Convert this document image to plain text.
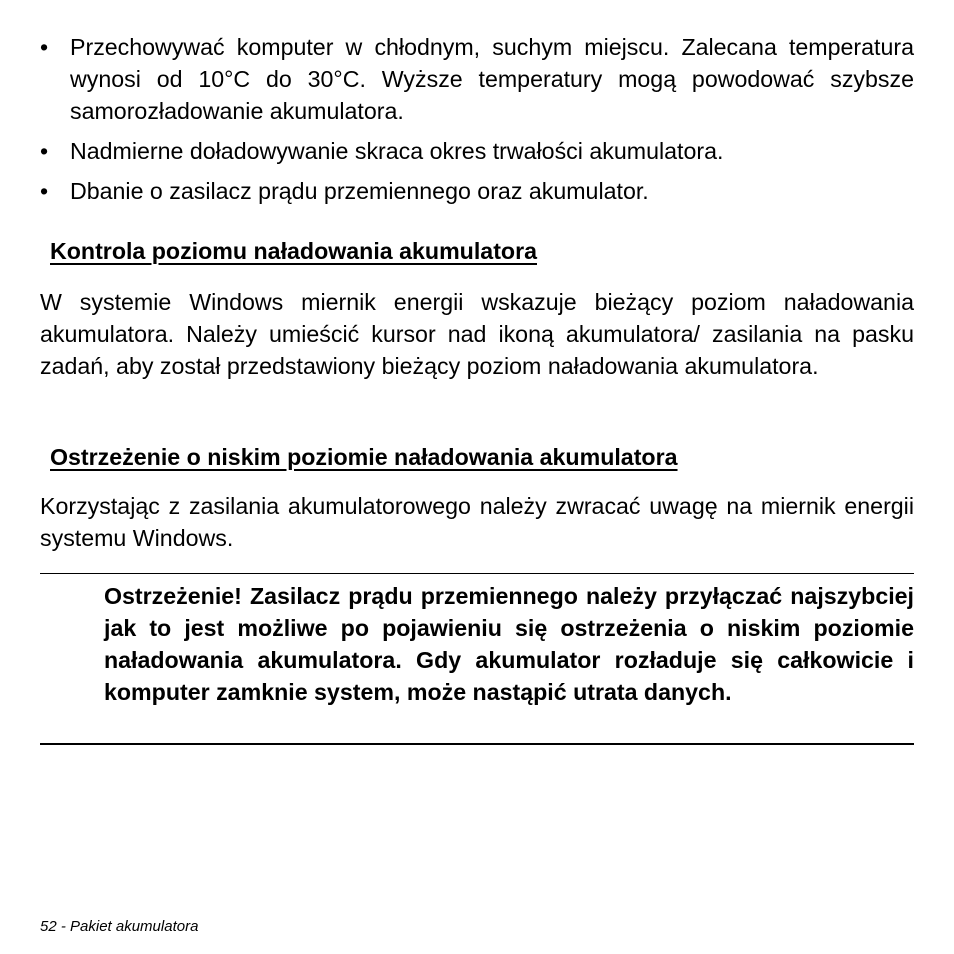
• Przechowywać komputer w chłodnym, suchym miejscu. Zalecana temperatura wynosi od 10°C do 30°C. Wyższe temperatury mogą powodować szybsze samorozładowanie akumulatora.
• Nadmierne doładowywanie skraca okres trwałości akumulatora.
• Dbanie o zasilacz prądu przemiennego oraz akumulator.
Kontrola poziomu naładowania akumulatora

W systemie Windows miernik energii wskazuje bieżący poziom naładowania akumulatora. Należy umieścić kursor nad ikoną akumulatora/ zasilania na pasku zadań, aby został przedstawiony bieżący poziom naładowania akumulatora.

Ostrzeżenie o niskim poziomie naładowania akumulatora

Korzystając z zasilania akumulatorowego należy zwracać uwagę na miernik energii systemu Windows.

Ostrzeżenie! Zasilacz prądu przemiennego należy przyłączać najszybciej jak to jest możliwe po pojawieniu się ostrzeżenia o niskim poziomie naładowania akumulatora. Gdy akumulator rozładuje się całkowicie i komputer zamknie system, może nastąpić utrata danych.

52 - Pakiet akumulatora
